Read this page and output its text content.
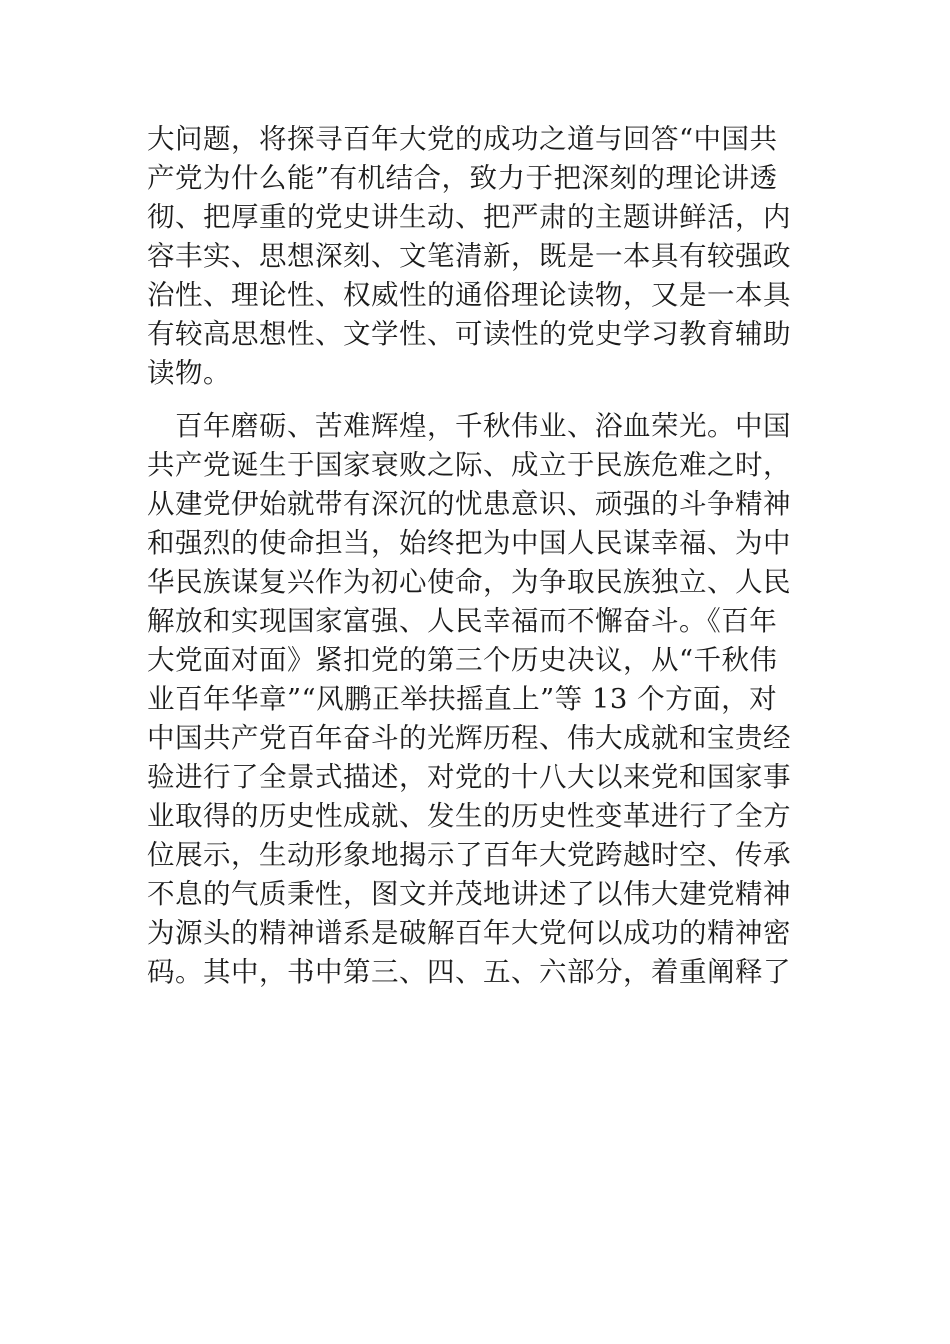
大问题，将探寻百年大党的成功之道与回答“中国共
产党为什么能”有机结合，致力于把深刻的理论讲透
彻、把厚重的党史讲生动、把严肃的主题讲鲜活，内
容丰实、思想深刻、文笔清新，既是一本具有较强政
治性、理论性、权威性的通俗理论读物，又是一本具
有较高思想性、文学性、可读性的党史学习教育辅助
读物。
　百年磨砺、苦难辉煌，千秋伟业、浴血荣光。中国
共产党诞生于国家衰败之际、成立于民族危难之时，
从建党伊始就带有深沉的忧患意识、顽强的斗争精神
和强烈的使命担当，始终把为中国人民谋幸福、为中
华民族谋复兴作为初心使命，为争取民族独立、人民
解放和实现国家富强、人民幸福而不懈奋斗。《百年
大党面对面》紧扣党的第三个历史决议，从“千秋伟
业百年华章”“风鹏正举扶摇直上”等 13 个方面，对
中国共产党百年奋斗的光辉历程、伟大成就和宝贵经
验进行了全景式描述，对党的十八大以来党和国家事
业取得的历史性成就、发生的历史性变革进行了全方
位展示，生动形象地揭示了百年大党跨越时空、传承
不息的气质秉性，图文并茂地讲述了以伟大建党精神
为源头的精神谱系是破解百年大党何以成功的精神密
码。其中，书中第三、四、五、六部分，着重阐释了
